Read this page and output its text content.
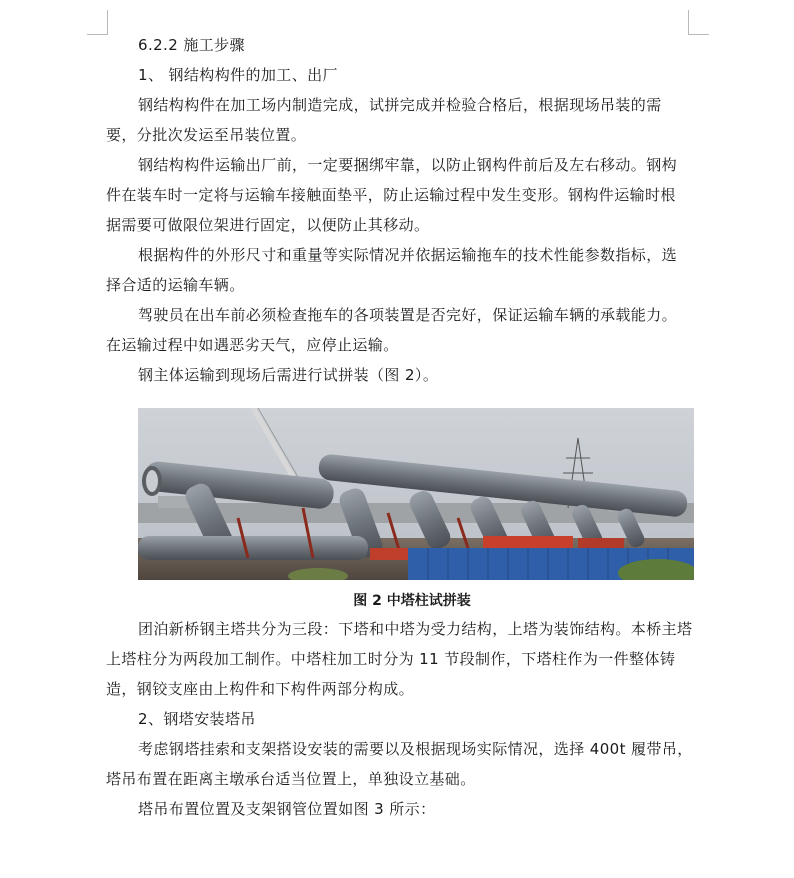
6.2.2 施工步骤

1、 钢结构构件的加工、出厂

钢结构构件在加工场内制造完成，试拼完成并检验合格后，根据现场吊装的需要，分批次发运至吊装位置。

钢结构构件运输出厂前，一定要捆绑牢靠，以防止钢构件前后及左右移动。钢构件在装车时一定将与运输车接触面垫平，防止运输过程中发生变形。钢构件运输时根据需要可做限位架进行固定，以便防止其移动。

根据构件的外形尺寸和重量等实际情况并依据运输拖车的技术性能参数指标，选择合适的运输车辆。

驾驶员在出车前必须检查拖车的各项装置是否完好，保证运输车辆的承载能力。在运输过程中如遇恶劣天气，应停止运输。

钢主体运输到现场后需进行试拼装（图 2）。

图 2 中塔柱试拼装

团泊新桥钢主塔共分为三段：下塔和中塔为受力结构，上塔为装饰结构。本桥主塔上塔柱分为两段加工制作。中塔柱加工时分为 11 节段制作，下塔柱作为一件整体铸造，钢铰支座由上构件和下构件两部分构成。

2、钢塔安装塔吊

考虑钢塔挂索和支架搭设安装的需要以及根据现场实际情况，选择 400t 履带吊，塔吊布置在距离主墩承台适当位置上，单独设立基础。

塔吊布置位置及支架钢管位置如图 3 所示：
